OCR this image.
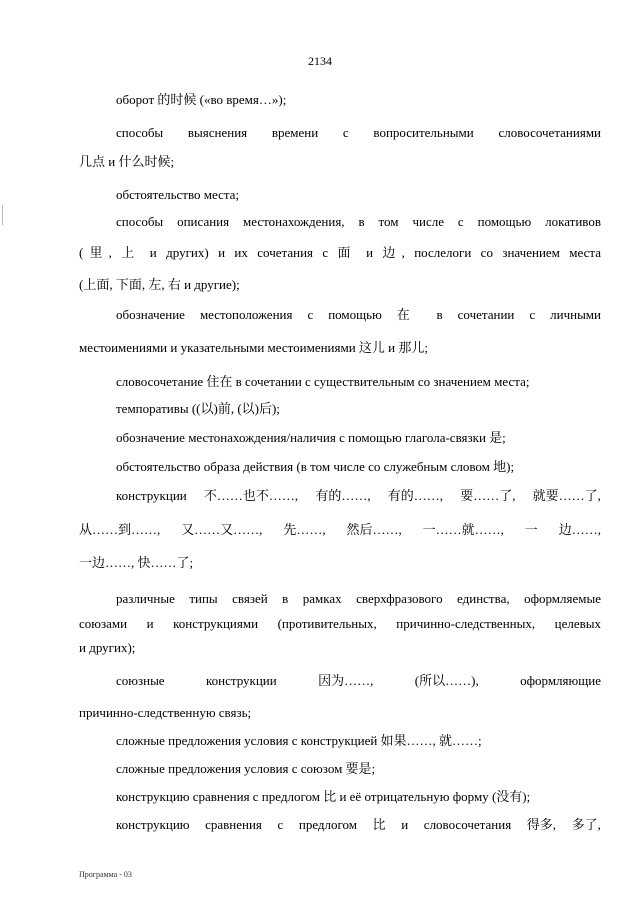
2134
оборот 的时候 («во время…»);
способы выяснения времени с вопросительными словосочетаниями
几点 и 什么时候;
обстоятельство места;
способы описания местонахождения, в том числе с помощью локативов
(里, 上 и других) и их сочетания с 面 и 边, послелоги со значением места
(上面, 下面, 左, 右 и другие);
обозначение местоположения с помощью 在 в сочетании с личными
местоимениями и указательными местоимениями 这儿 и 那儿;
словосочетание 住在 в сочетании с существительным со значением места;
темпоративы ((以)前, (以)后);
обозначение местонахождения/наличия с помощью глагола-связки 是;
обстоятельство образа действия (в том числе со служебным словом 地);
конструкции 不……也不……, 有的……, 有的……, 要……了, 就要……了,
从……到……, 又……又……, 先……, 然后……, 一……就……, 一 边……,
一边……, 快……了;
различные типы связей в рамках сверхфразового единства, оформляемые
союзами и конструкциями (противительных, причинно-следственных, целевых
и других);
союзные	конструкции	因为……,	(所以……),	оформляющие
причинно-следственную связь;
сложные предложения условия с конструкцией 如果……, 就……;
сложные предложения условия с союзом 要是;
конструкцию сравнения с предлогом 比 и её отрицательную форму (没有);
конструкцию сравнения с предлогом 比 и словосочетания 得多, 多了,
Программа - 03
